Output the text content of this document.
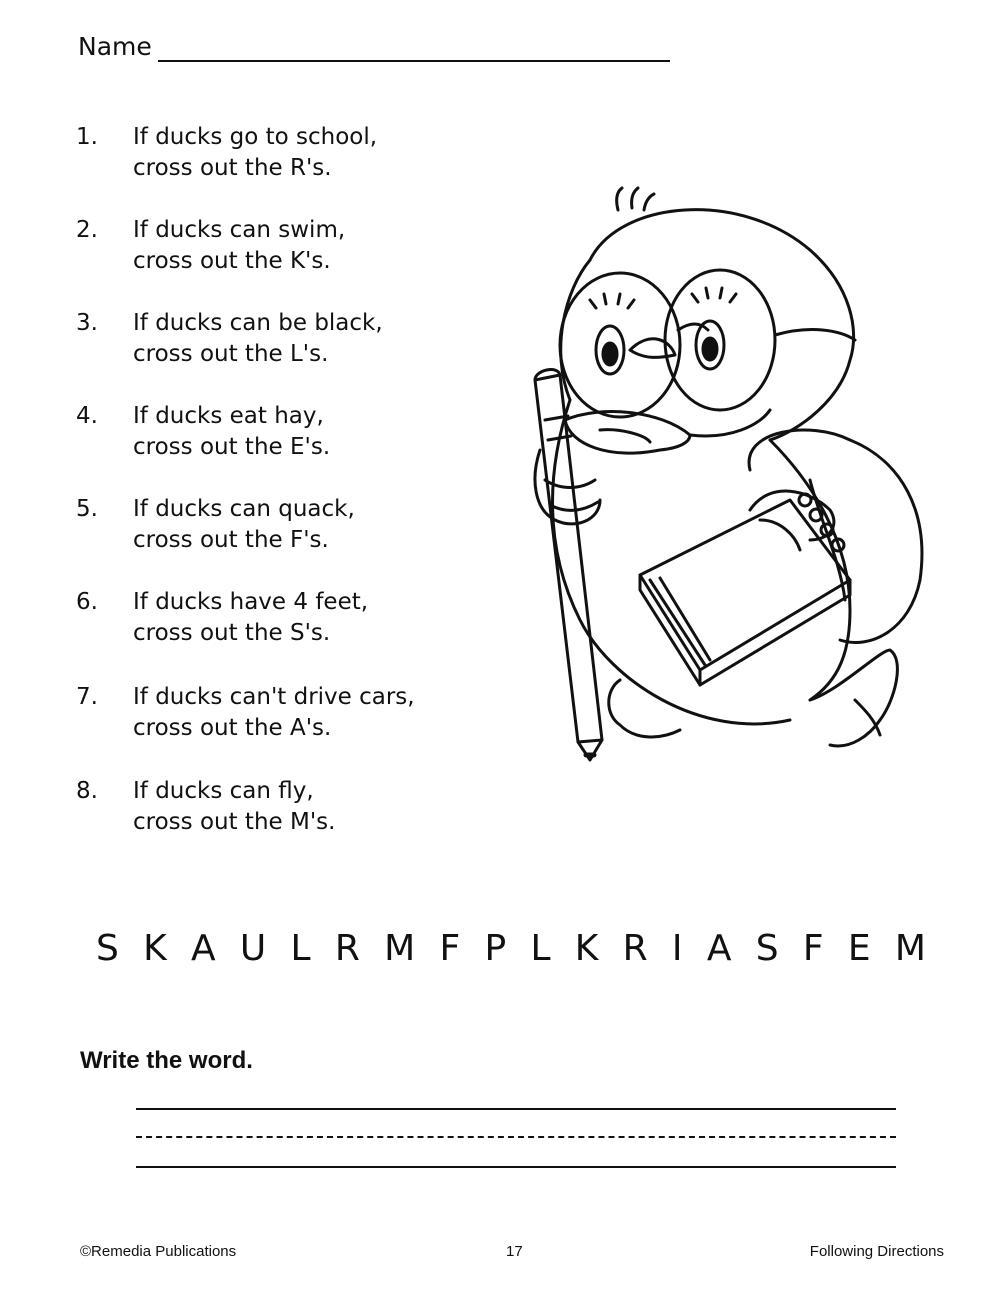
Name
1. If ducks go to school,
cross out the R's.
2. If ducks can swim,
cross out the K's.
3. If ducks can be black,
cross out the L's.
4. If ducks eat hay,
cross out the E's.
5. If ducks can quack,
cross out the F's.
6. If ducks have 4 feet,
cross out the S's.
7. If ducks can't drive cars,
cross out the A's.
8. If ducks can fly,
cross out the M's.
S K A U L R M F P L K R I A S F E M
Write the word.
©Remedia Publications	17	Following Directions
